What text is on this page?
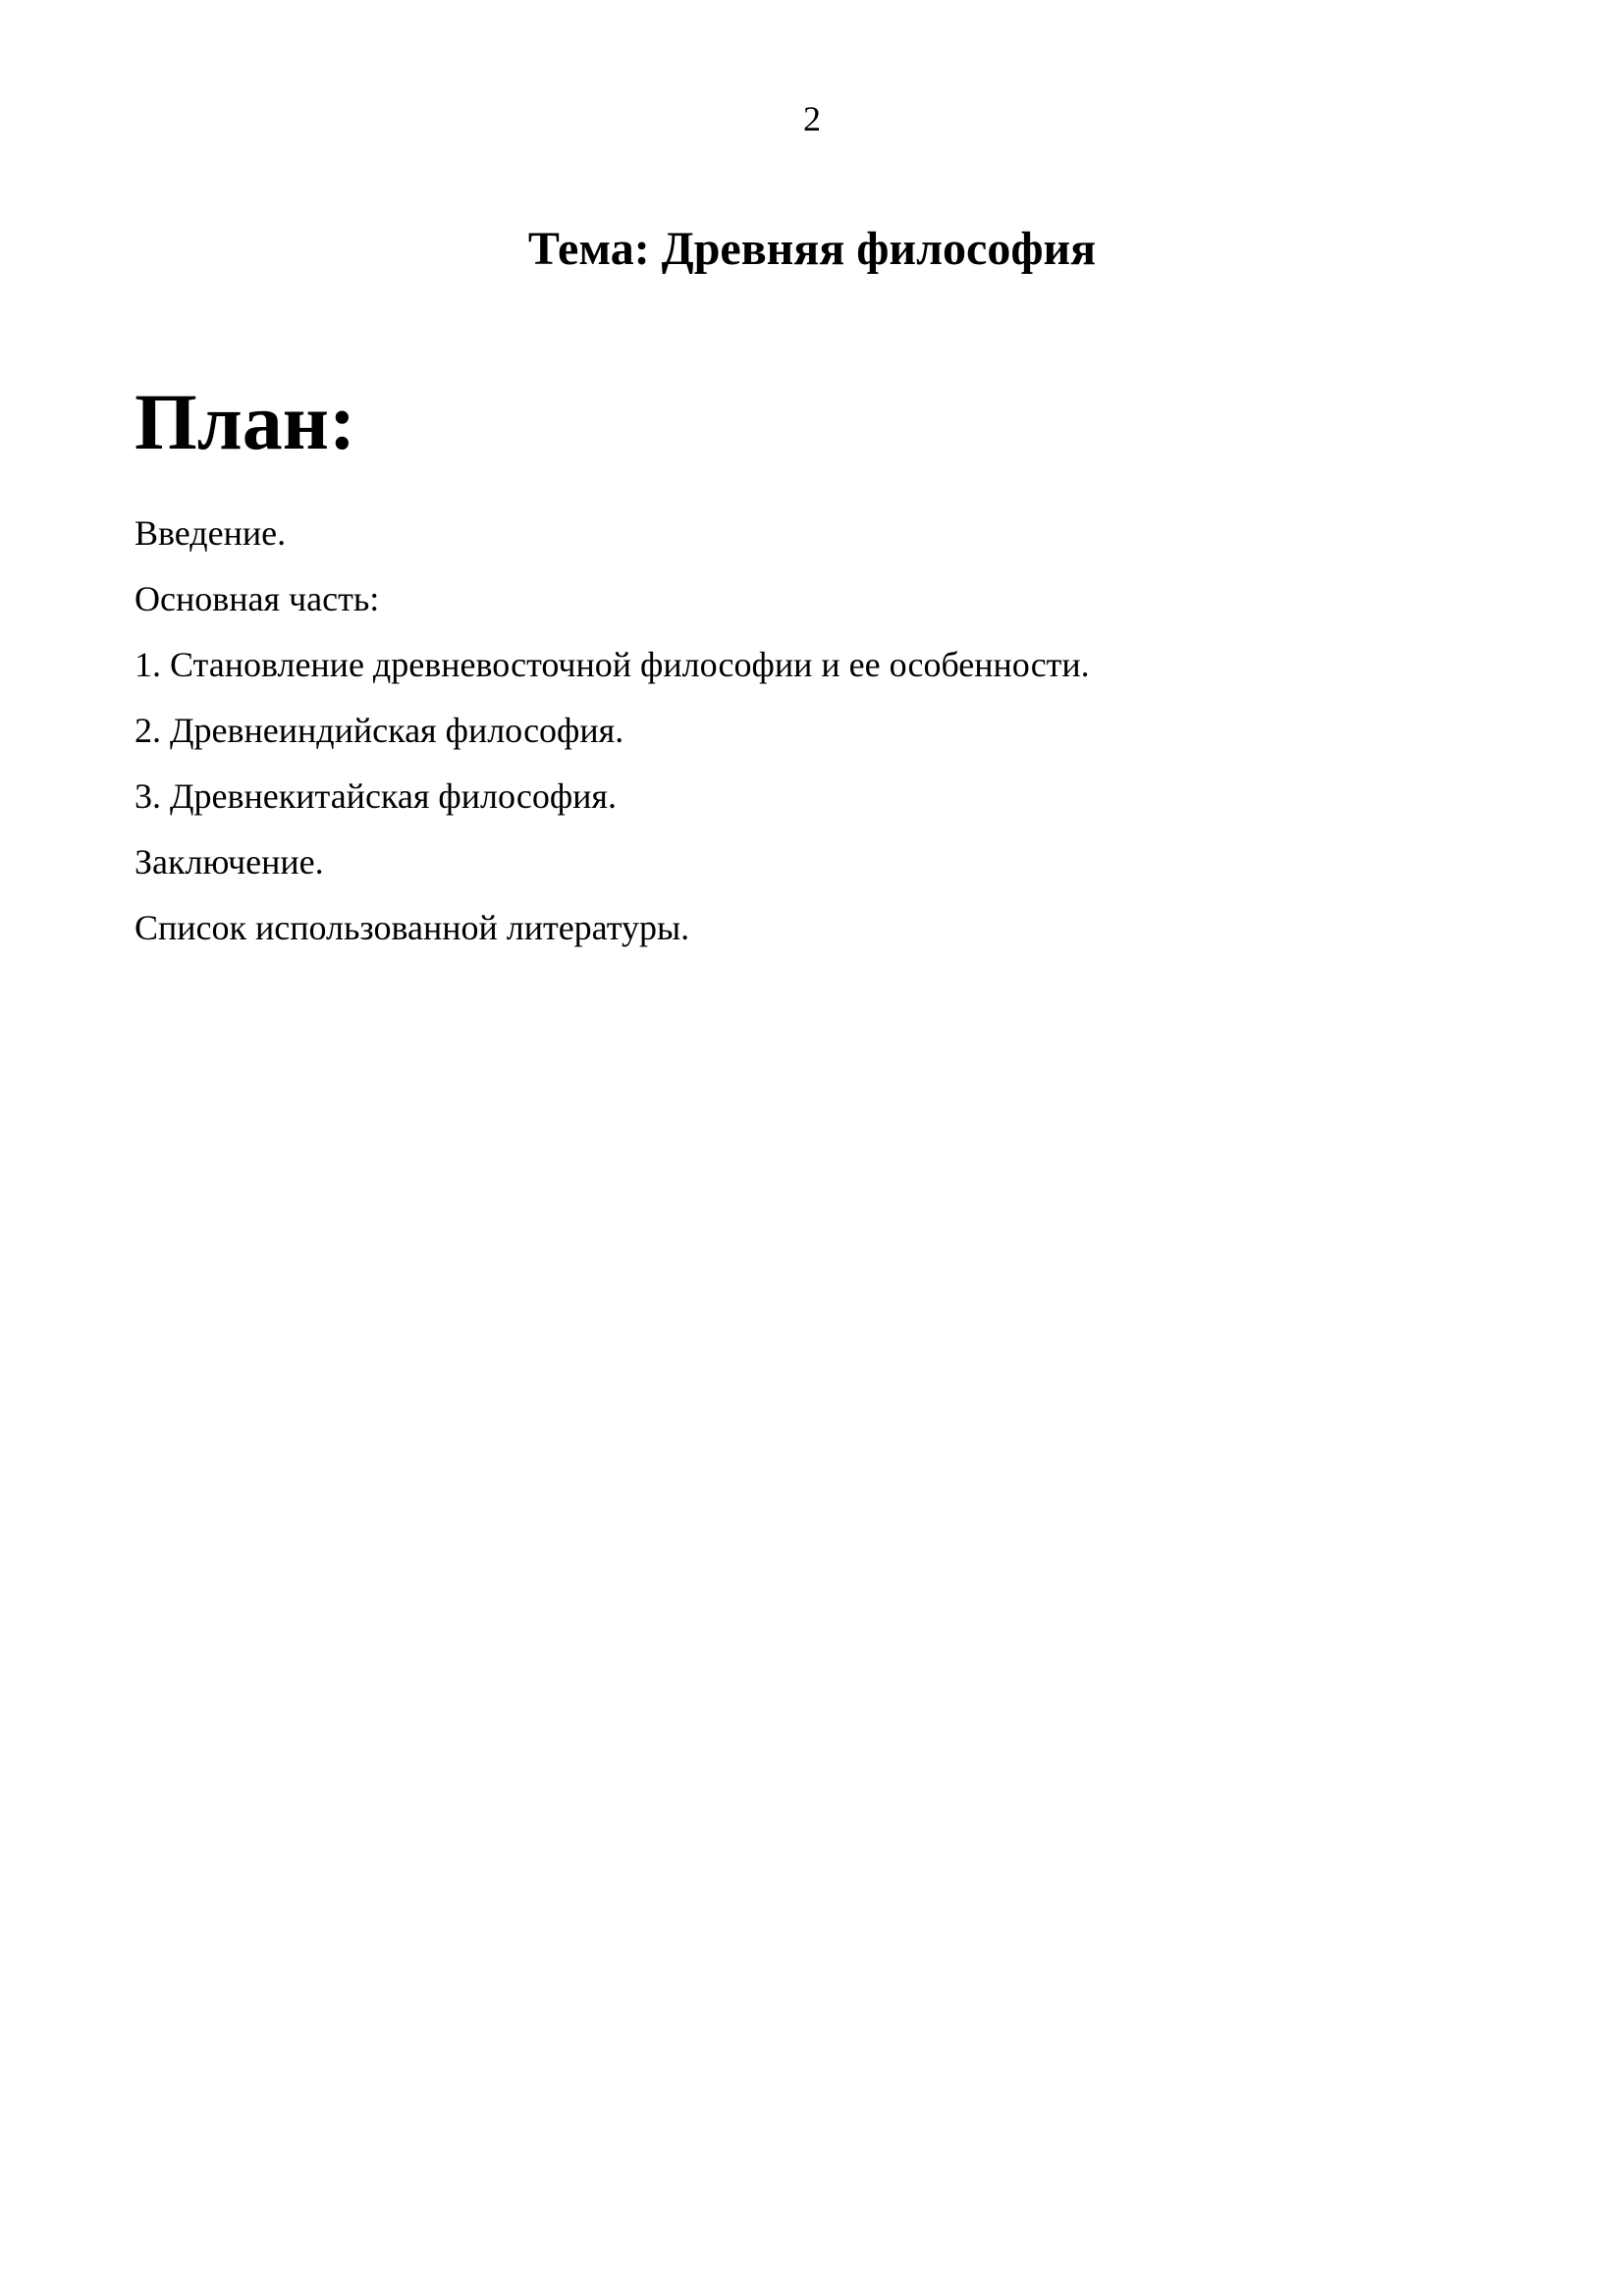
2
Тема: Древняя философия
План:
Введение.
Основная часть:
1. Становление древневосточной философии и ее особенности.
2. Древнеиндийская философия.
3. Древнекитайская философия.
Заключение.
Список использованной литературы.
